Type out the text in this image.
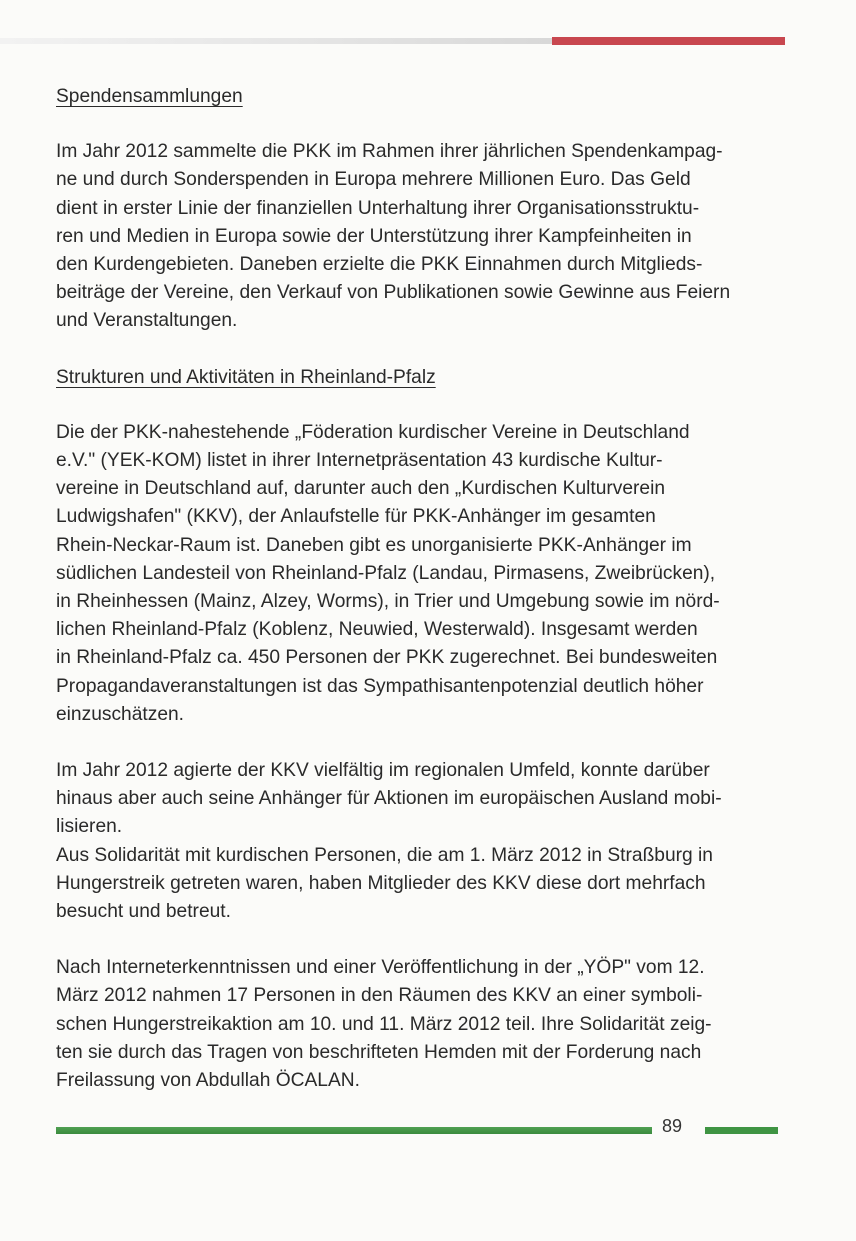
Spendensammlungen

Im Jahr 2012 sammelte die PKK im Rahmen ihrer jährlichen Spendenkampag-
ne und durch Sonderspenden in Europa mehrere Millionen Euro. Das Geld
dient in erster Linie der finanziellen Unterhaltung ihrer Organisationsstruktu-
ren und Medien in Europa sowie der Unterstützung ihrer Kampfeinheiten in
den Kurdengebieten. Daneben erzielte die PKK Einnahmen durch Mitglieds-
beiträge der Vereine, den Verkauf von Publikationen sowie Gewinne aus Feiern
und Veranstaltungen.

Strukturen und Aktivitäten in Rheinland-Pfalz

Die der PKK-nahestehende „Föderation kurdischer Vereine in Deutschland
e.V." (YEK-KOM) listet in ihrer Internetpräsentation 43 kurdische Kultur-
vereine in Deutschland auf, darunter auch den „Kurdischen Kulturverein
Ludwigshafen" (KKV), der Anlaufstelle für PKK-Anhänger im gesamten
Rhein-Neckar-Raum ist. Daneben gibt es unorganisierte PKK-Anhänger im
südlichen Landesteil von Rheinland-Pfalz (Landau, Pirmasens, Zweibrücken),
in Rheinhessen (Mainz, Alzey, Worms), in Trier und Umgebung sowie im nörd-
lichen Rheinland-Pfalz (Koblenz, Neuwied, Westerwald). Insgesamt werden
in Rheinland-Pfalz ca. 450 Personen der PKK zugerechnet. Bei bundesweiten
Propagandaveranstaltungen ist das Sympathisantenpotenzial deutlich höher
einzuschätzen.

Im Jahr 2012 agierte der KKV vielfältig im regionalen Umfeld, konnte darüber
hinaus aber auch seine Anhänger für Aktionen im europäischen Ausland mobi-
lisieren.
Aus Solidarität mit kurdischen Personen, die am 1. März 2012 in Straßburg in
Hungerstreik getreten waren, haben Mitglieder des KKV diese dort mehrfach
besucht und betreut.

Nach Interneterkenntnissen und einer Veröffentlichung in der „YÖP" vom 12.
März 2012 nahmen 17 Personen in den Räumen des KKV an einer symboli-
schen Hungerstreikaktion am 10. und 11. März 2012 teil. Ihre Solidarität zeig-
ten sie durch das Tragen von beschrifteten Hemden mit der Forderung nach
Freilassung von Abdullah ÖCALAN.

89
